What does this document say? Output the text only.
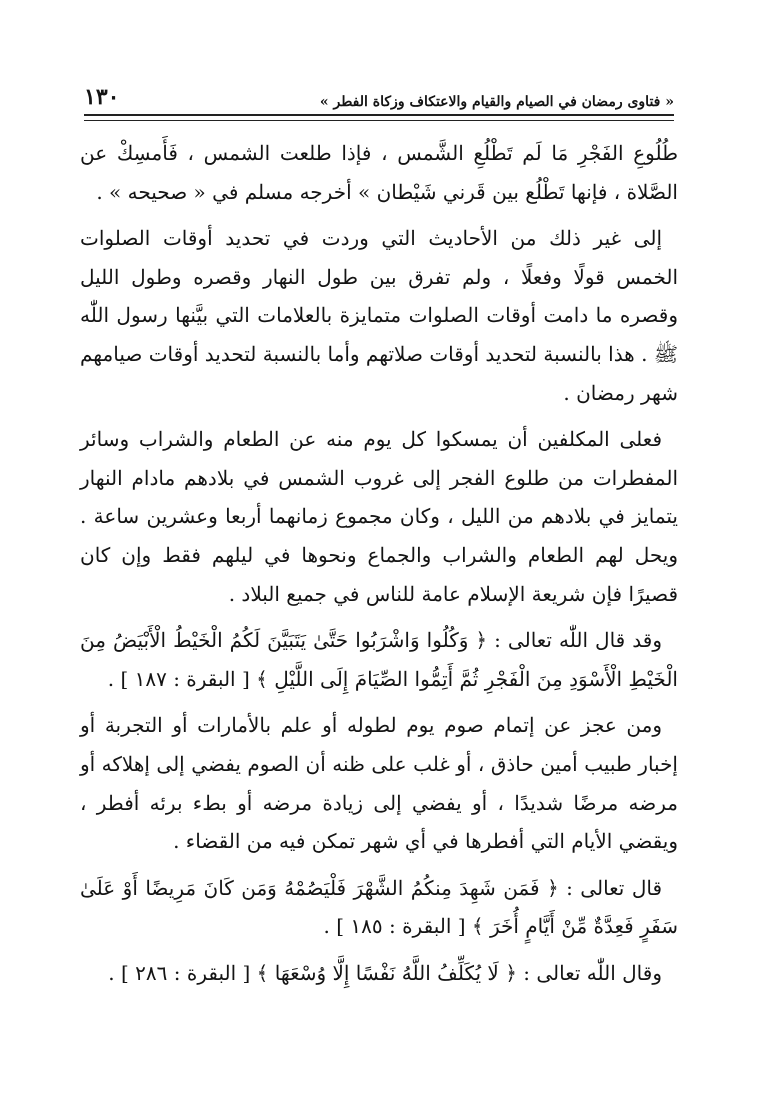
١٣٠	« فتاوى رمضان في الصيام والقيام والاعتكاف وزكاة الفطر »

طُلُوعِ الفَجْرِ مَا لَم تَطْلُعِ الشَّمس ، فإذا طلعت الشمس ، فَأَمسِكْ عن الصَّلاة ، فإنها تَطْلُع بين قَرني شَيْطان » أخرجه مسلم في « صحيحه » .

إلى غير ذلك من الأحاديث التي وردت في تحديد أوقات الصلوات الخمس قولًا وفعلًا ، ولم تفرق بين طول النهار وقصره وطول الليل وقصره ما دامت أوقات الصلوات متمايزة بالعلامات التي بيَّنها رسول اللّٰه ﷺ . هذا بالنسبة لتحديد أوقات صلاتهم وأما بالنسبة لتحديد أوقات صيامهم شهر رمضان .

فعلى المكلفين أن يمسكوا كل يوم منه عن الطعام والشراب وسائر المفطرات من طلوع الفجر إلى غروب الشمس في بلادهم مادام النهار يتمايز في بلادهم من الليل ، وكان مجموع زمانهما أربعا وعشرين ساعة . ويحل لهم الطعام والشراب والجماع ونحوها في ليلهم فقط وإن كان قصيرًا فإن شريعة الإسلام عامة للناس في جميع البلاد .

وقد قال اللّٰه تعالى : ﴿ وَكُلُوا وَاشْرَبُوا حَتَّىٰ يَتَبَيَّنَ لَكُمُ الْخَيْطُ الْأَبْيَضُ مِنَ الْخَيْطِ الْأَسْوَدِ مِنَ الْفَجْرِ ثُمَّ أَتِمُّوا الصِّيَامَ إِلَى اللَّيْلِ ﴾ [ البقرة : ١٨٧ ] .

ومن عجز عن إتمام صوم يوم لطوله أو علم بالأمارات أو التجربة أو إخبار طبيب أمين حاذق ، أو غلب على ظنه أن الصوم يفضي إلى إهلاكه أو مرضه مرضًا شديدًا ، أو يفضي إلى زيادة مرضه أو بطء برئه أفطر ، ويقضي الأيام التي أفطرها في أي شهر تمكن فيه من القضاء .

قال تعالى : ﴿ فَمَن شَهِدَ مِنكُمُ الشَّهْرَ فَلْيَصُمْهُ وَمَن كَانَ مَرِيضًا أَوْ عَلَىٰ سَفَرٍ فَعِدَّةٌ مِّنْ أَيَّامٍ أُخَرَ ﴾ [ البقرة : ١٨٥ ] .

وقال اللّٰه تعالى : ﴿ لَا يُكَلِّفُ اللَّهُ نَفْسًا إِلَّا وُسْعَهَا ﴾ [ البقرة : ٢٨٦ ] .
